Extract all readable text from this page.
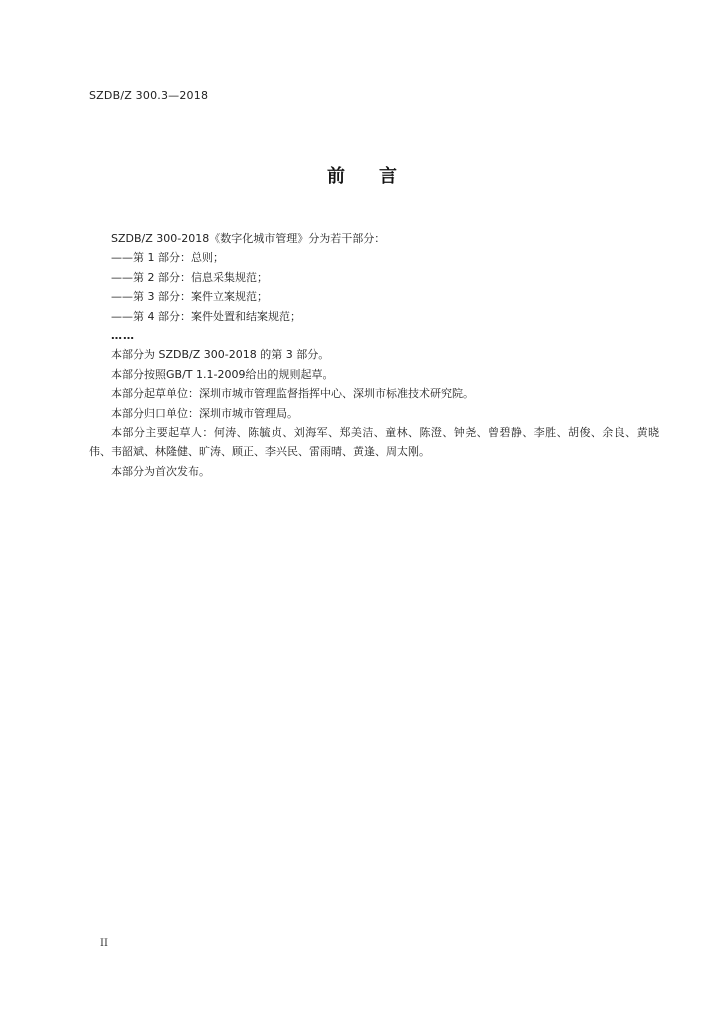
SZDB/Z 300.3—2018
前 言

SZDB/Z 300-2018《数字化城市管理》分为若干部分：

——第 1 部分：总则；

——第 2 部分：信息采集规范；

——第 3 部分：案件立案规范；

——第 4 部分：案件处置和结案规范；

……

本部分为 SZDB/Z 300-2018 的第 3 部分。

本部分按照GB/T 1.1-2009给出的规则起草。

本部分起草单位：深圳市城市管理监督指挥中心、深圳市标准技术研究院。

本部分归口单位：深圳市城市管理局。

本部分主要起草人：何涛、陈毓贞、刘海军、郑美洁、童林、陈澄、钟尧、曾碧静、李胜、胡俊、余良、黄晓伟、韦韶斌、林隆健、旷涛、顾正、李兴民、雷雨晴、黄逢、周太刚。

本部分为首次发布。

II
